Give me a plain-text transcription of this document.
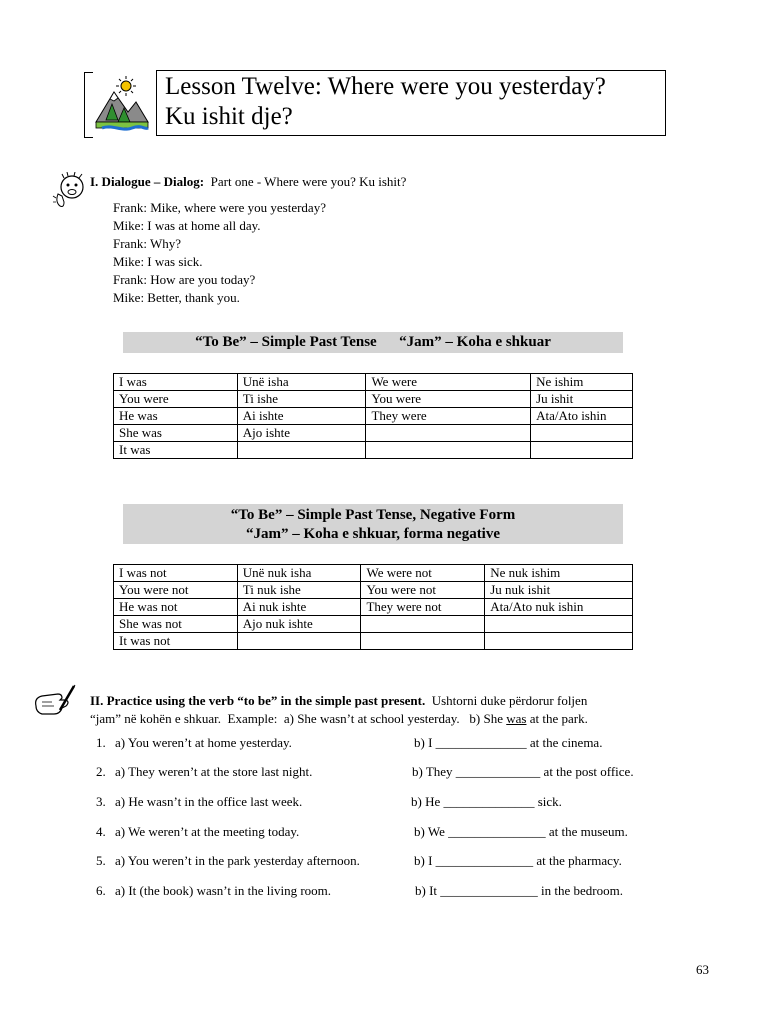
Lesson Twelve: Where were you yesterday?
Ku ishit dje?
I. Dialogue – Dialog: Part one - Where were you? Ku ishit?
Frank: Mike, where were you yesterday?
Mike: I was at home all day.
Frank: Why?
Mike: I was sick.
Frank: How are you today?
Mike: Better, thank you.
“To Be” – Simple Past Tense      “Jam” – Koha e shkuar
I was	Unë isha	We were	Ne ishim
You were	Ti ishe	You were	Ju ishit
He was	Ai ishte	They were	Ata/Ato ishin
She was	Ajo ishte		
It was			
“To Be” – Simple Past Tense, Negative Form
“Jam” – Koha e shkuar, forma negative
I was not	Unë nuk isha	We were not	Ne nuk ishim
You were not	Ti nuk ishe	You were not	Ju nuk ishit
He was not	Ai nuk ishte	They were not	Ata/Ato nuk ishin
She was not	Ajo nuk ishte		
It was not			
II. Practice using the verb “to be” in the simple past present. Ushtorni duke përdorur foljen
“jam” në kohën e shkuar.  Example:  a) She wasn’t at school yesterday.   b) She was at the park.
1. a) You weren’t at home yesterday.	b) I ______________ at the cinema.
2. a) They weren’t at the store last night.	b) They _____________ at the post office.
3. a) He wasn’t in the office last week.	b) He ______________ sick.
4. a) We weren’t at the meeting today.	b) We _______________ at the museum.
5. a) You weren’t in the park yesterday afternoon.	b) I _______________ at the pharmacy.
6. a) It (the book) wasn’t in the living room.	b) It _______________ in the bedroom.
63
